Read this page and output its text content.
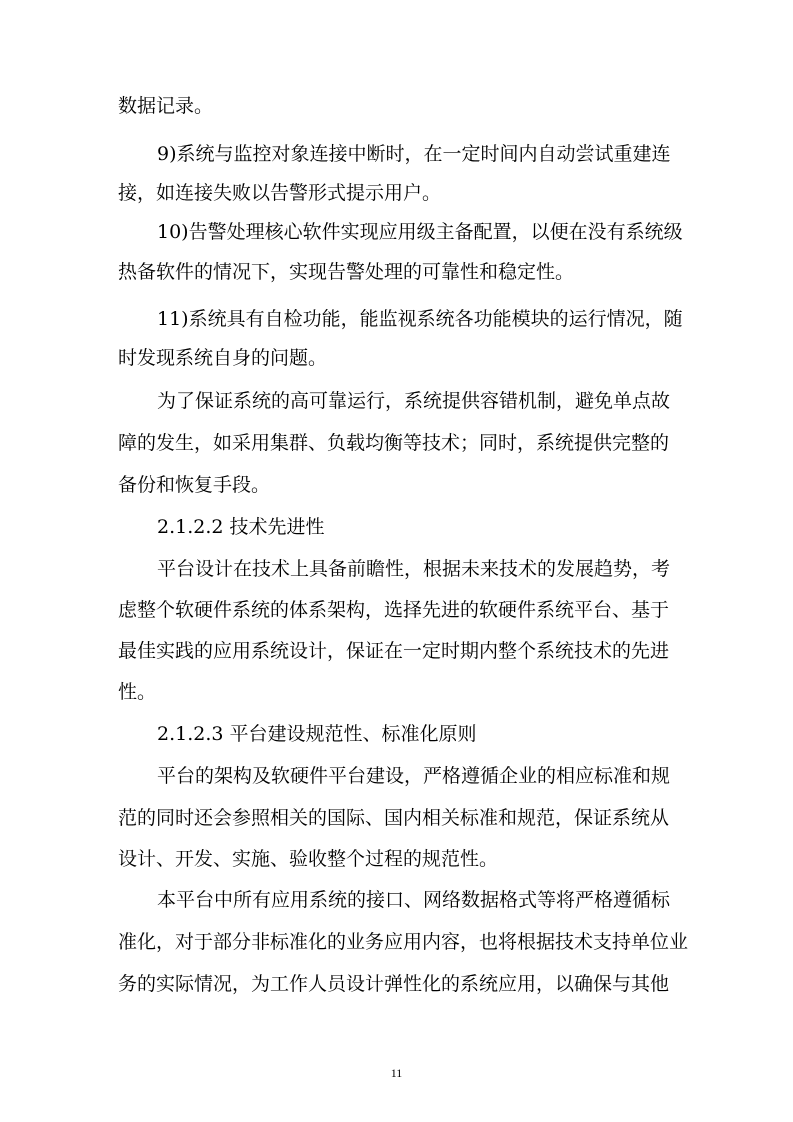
数据记录。
9)系统与监控对象连接中断时，在一定时间内自动尝试重建连
接，如连接失败以告警形式提示用户。
10)告警处理核心软件实现应用级主备配置，以便在没有系统级
热备软件的情况下，实现告警处理的可靠性和稳定性。
11)系统具有自检功能，能监视系统各功能模块的运行情况，随
时发现系统自身的问题。
为了保证系统的高可靠运行，系统提供容错机制，避免单点故
障的发生，如采用集群、负载均衡等技术；同时，系统提供完整的
备份和恢复手段。
2.1.2.2 技术先进性
平台设计在技术上具备前瞻性，根据未来技术的发展趋势，考
虑整个软硬件系统的体系架构，选择先进的软硬件系统平台、基于
最佳实践的应用系统设计，保证在一定时期内整个系统技术的先进
性。
2.1.2.3 平台建设规范性、标准化原则
平台的架构及软硬件平台建设，严格遵循企业的相应标准和规
范的同时还会参照相关的国际、国内相关标准和规范，保证系统从
设计、开发、实施、验收整个过程的规范性。
本平台中所有应用系统的接口、网络数据格式等将严格遵循标
准化，对于部分非标准化的业务应用内容，也将根据技术支持单位业
务的实际情况，为工作人员设计弹性化的系统应用，以确保与其他
11
